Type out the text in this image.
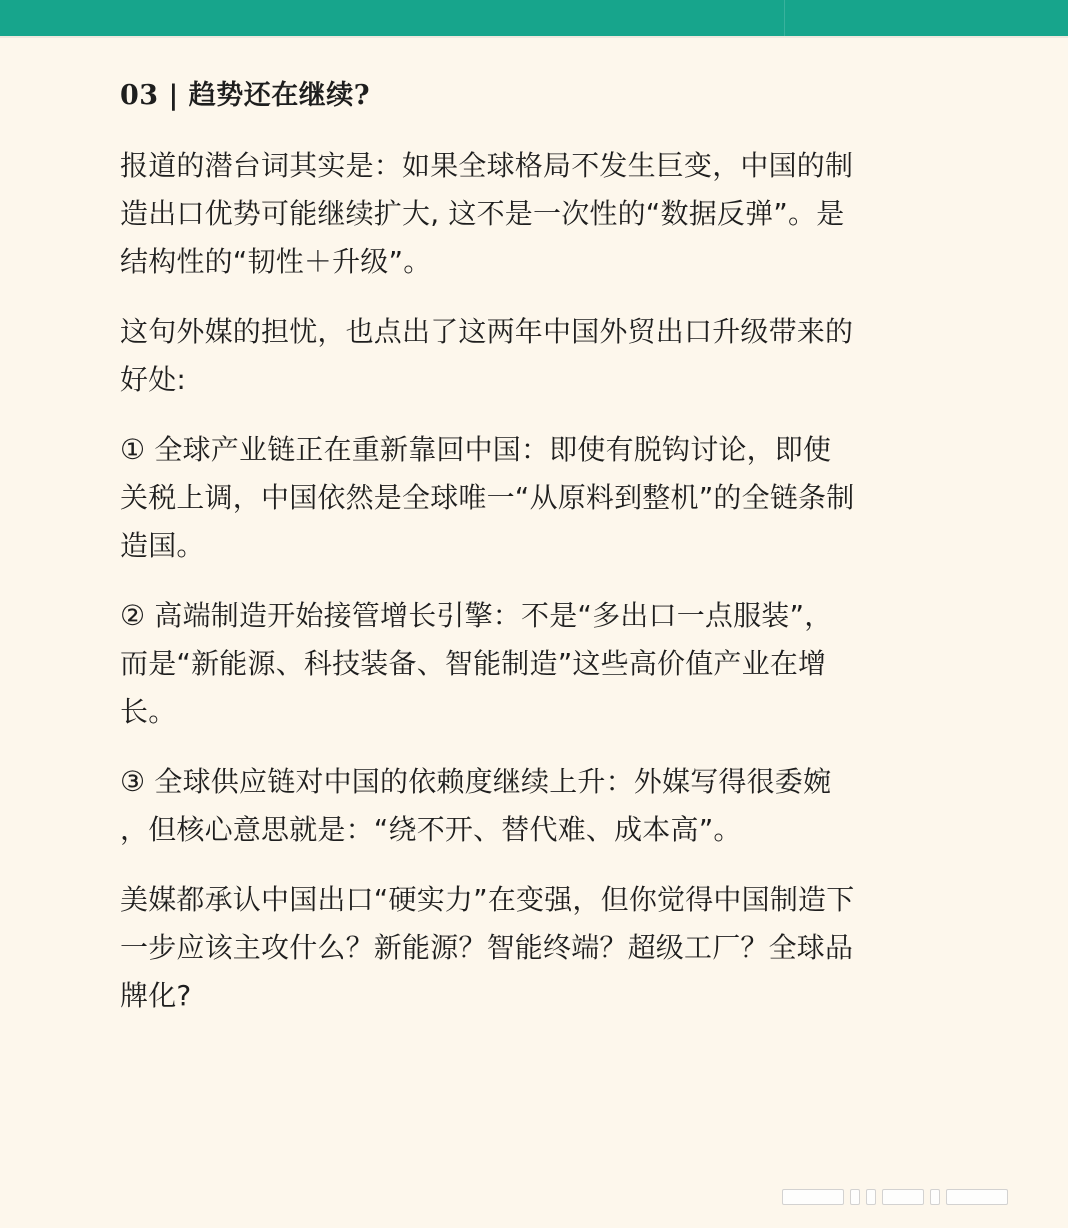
03 | 趋势还在继续?
报道的潜台词其实是：如果全球格局不发生巨变，中国的制
造出口优势可能继续扩大, 这不是一次性的“数据反弹”。是
结构性的“韧性＋升级”。
这句外媒的担忧，也点出了这两年中国外贸出口升级带来的
好处:
① 全球产业链正在重新靠回中国：即使有脱钩讨论，即使
关税上调，中国依然是全球唯一“从原料到整机”的全链条制
造国。
② 高端制造开始接管增长引擎：不是“多出口一点服装”，
而是“新能源、科技装备、智能制造”这些高价值产业在增
长。
③ 全球供应链对中国的依赖度继续上升：外媒写得很委婉
，但核心意思就是：“绕不开、替代难、成本高”。
美媒都承认中国出口“硬实力”在变强，但你觉得中国制造下
一步应该主攻什么？新能源？智能终端？超级工厂？全球品
牌化?
